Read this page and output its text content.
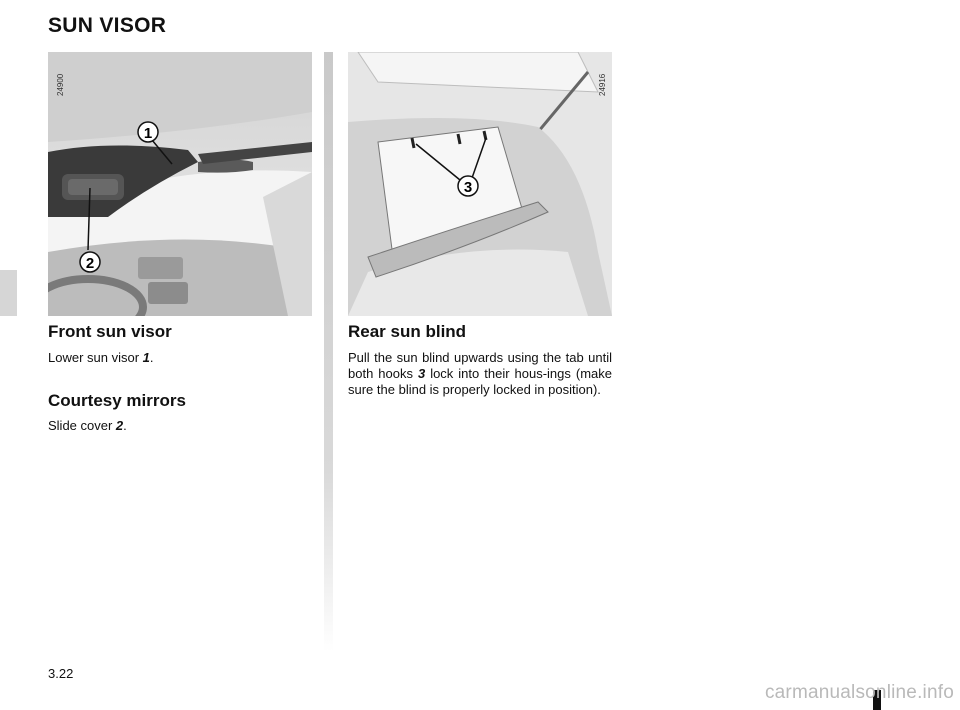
SUN VISOR
1
2
24900
3
24916
Front sun visor
Lower sun visor 1.
Courtesy mirrors
Slide cover 2.
Rear sun blind
Pull the sun blind upwards using the tab until both hooks 3 lock into their hous-ings (make sure the blind is properly locked in position).
3.22
carmanualsonline.info
